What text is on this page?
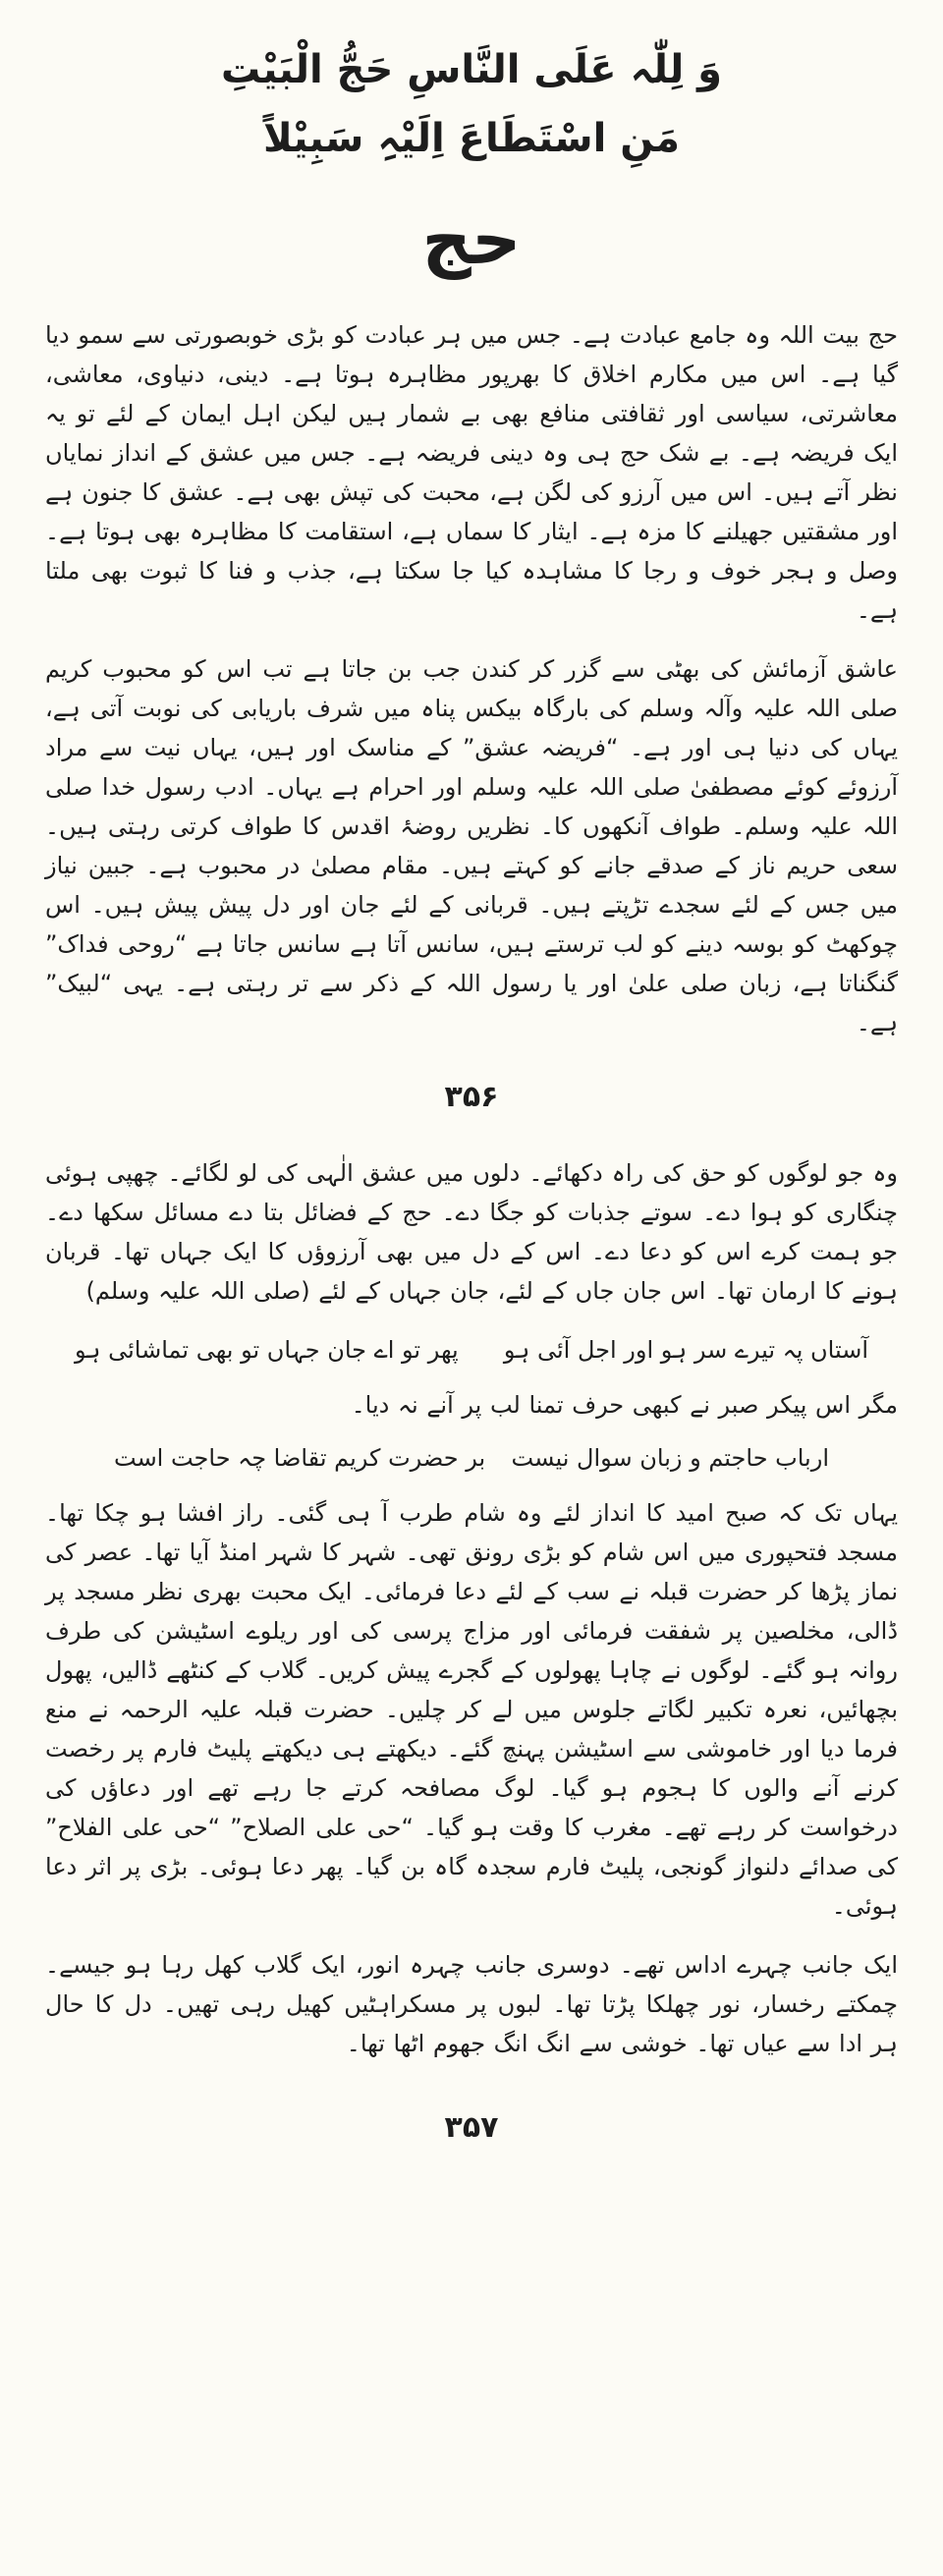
وَ لِلّٰہ عَلَی النَّاسِ حَجُّ الْبَیْتِ
مَنِ اسْتَطَاعَ اِلَیْہِ سَبِیْلاً
حج

حج بیت اللہ وہ جامع عبادت ہے۔ جس میں ہر عبادت کو بڑی خوبصورتی سے سمو دیا گیا ہے۔ اس میں مکارم اخلاق کا بھرپور مظاہرہ ہوتا ہے۔ دینی، دنیاوی، معاشی، معاشرتی، سیاسی اور ثقافتی منافع بھی بے شمار ہیں لیکن اہل ایمان کے لئے تو یہ ایک فریضہ ہے۔ بے شک حج ہی وہ دینی فریضہ ہے۔ جس میں عشق کے انداز نمایاں نظر آتے ہیں۔ اس میں آرزو کی لگن ہے، محبت کی تپش بھی ہے۔ عشق کا جنون ہے اور مشقتیں جھیلنے کا مزہ ہے۔ ایثار کا سماں ہے، استقامت کا مظاہرہ بھی ہوتا ہے۔ وصل و ہجر خوف و رجا کا مشاہدہ کیا جا سکتا ہے، جذب و فنا کا ثبوت بھی ملتا ہے۔

عاشق آزمائش کی بھٹی سے گزر کر کندن جب بن جاتا ہے تب اس کو محبوب کریم صلی اللہ علیہ وآلہ وسلم کی بارگاہ بیکس پناہ میں شرف باریابی کی نوبت آتی ہے، یہاں کی دنیا ہی اور ہے۔ “فریضہ عشق” کے مناسک اور ہیں، یہاں نیت سے مراد آرزوئے کوئے مصطفیٰ صلی اللہ علیہ وسلم اور احرام ہے یہاں۔ ادب رسول خدا صلی اللہ علیہ وسلم۔ طواف آنکھوں کا۔ نظریں روضۂ اقدس کا طواف کرتی رہتی ہیں۔ سعی حریم ناز کے صدقے جانے کو کہتے ہیں۔ مقام مصلیٰ در محبوب ہے۔ جبین نیاز میں جس کے لئے سجدے تڑپتے ہیں۔ قربانی کے لئے جان اور دل پیش پیش ہیں۔ اس چوکھٹ کو بوسہ دینے کو لب ترستے ہیں، سانس آتا ہے سانس جاتا ہے “روحی فداک” گنگناتا ہے، زبان صلی علیٰ اور یا رسول اللہ کے ذکر سے تر رہتی ہے۔ یہی “لبیک” ہے۔

۳۵۶

وہ جو لوگوں کو حق کی راہ دکھائے۔ دلوں میں عشق الٰہی کی لو لگائے۔ چھپی ہوئی چنگاری کو ہوا دے۔ سوتے جذبات کو جگا دے۔ حج کے فضائل بتا دے مسائل سکھا دے۔ جو ہمت کرے اس کو دعا دے۔ اس کے دل میں بھی آرزوؤں کا ایک جہاں تھا۔ قربان ہونے کا ارمان تھا۔ اس جان جاں کے لئے، جان جہاں کے لئے (صلی اللہ علیہ وسلم)

آستاں پہ تیرے سر ہو اور اجل آئی ہو
پھر تو اے جان جہاں تو بھی تماشائی ہو

مگر اس پیکر صبر نے کبھی حرف تمنا لب پر آنے نہ دیا۔

ارباب حاجتم و زبان سوال نیست
بر حضرت کریم تقاضا چہ حاجت است

یہاں تک کہ صبح امید کا انداز لئے وہ شام طرب آ ہی گئی۔ راز افشا ہو چکا تھا۔ مسجد فتحپوری میں اس شام کو بڑی رونق تھی۔ شہر کا شہر امنڈ آیا تھا۔ عصر کی نماز پڑھا کر حضرت قبلہ نے سب کے لئے دعا فرمائی۔ ایک محبت بھری نظر مسجد پر ڈالی، مخلصین پر شفقت فرمائی اور مزاج پرسی کی اور ریلوے اسٹیشن کی طرف روانہ ہو گئے۔ لوگوں نے چاہا پھولوں کے گجرے پیش کریں۔ گلاب کے کنٹھے ڈالیں، پھول بچھائیں، نعرہ تکبیر لگاتے جلوس میں لے کر چلیں۔ حضرت قبلہ علیہ الرحمہ نے منع فرما دیا اور خاموشی سے اسٹیشن پہنچ گئے۔ دیکھتے ہی دیکھتے پلیٹ فارم پر رخصت کرنے آنے والوں کا ہجوم ہو گیا۔ لوگ مصافحہ کرتے جا رہے تھے اور دعاؤں کی درخواست کر رہے تھے۔ مغرب کا وقت ہو گیا۔ “حی علی الصلاح” “حی علی الفلاح” کی صدائے دلنواز گونجی، پلیٹ فارم سجدہ گاہ بن گیا۔ پھر دعا ہوئی۔ بڑی پر اثر دعا ہوئی۔

ایک جانب چہرے اداس تھے۔ دوسری جانب چہرہ انور، ایک گلاب کھل رہا ہو جیسے۔ چمکتے رخسار، نور چھلکا پڑتا تھا۔ لبوں پر مسکراہٹیں کھیل رہی تھیں۔ دل کا حال ہر ادا سے عیاں تھا۔ خوشی سے انگ انگ جھوم اٹھا تھا۔

۳۵۷
